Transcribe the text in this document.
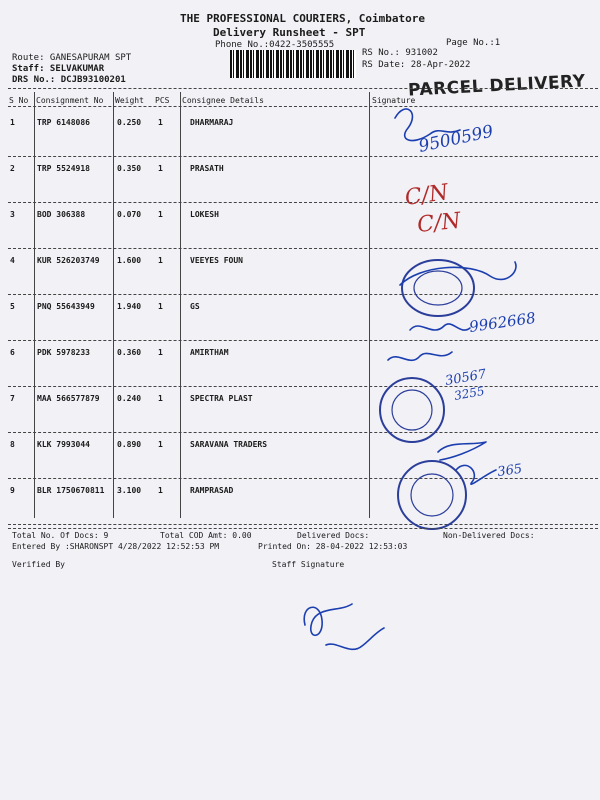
THE PROFESSIONAL COURIERS, Coimbatore
Delivery Runsheet - SPT
Phone No.:0422-3505555	Page No.:1
Route: GANESAPURAM SPT
Staff: SELVAKUMAR
DRS No.: DCJB93100201
RS No.: 931002
RS Date: 28-Apr-2022
PARCEL DELIVERY
S No Consignment No Weight PCS Consignee Details	Signature
1	TRP 6148086	0.250 1	DHARMARAJ
2	TRP 5524918	0.350 1	PRASATH
3	BOD 306388	0.070 1	LOKESH
4	KUR 526203749 1.600 1	VEEYES FOUN
5	PNQ 55643949	1.940 1	GS
6	PDK 5978233	0.360 1	AMIRTHAM
7	MAA 566577879 0.240 1	SPECTRA PLAST
8	KLK 7993044	0.890 1	SARAVANA TRADERS
9	BLR 1750670811 3.100 1	RAMPRASAD
9500599
C/N
C/N
9962668
30567
3255
365
Total No. Of Docs: 9	Total COD Amt: 0.00	Delivered Docs:	Non-Delivered Docs:
Entered By :SHARONSPT 4/28/2022 12:52:53 PM	Printed On: 28-04-2022 12:53:03
Verified By	Staff Signature
